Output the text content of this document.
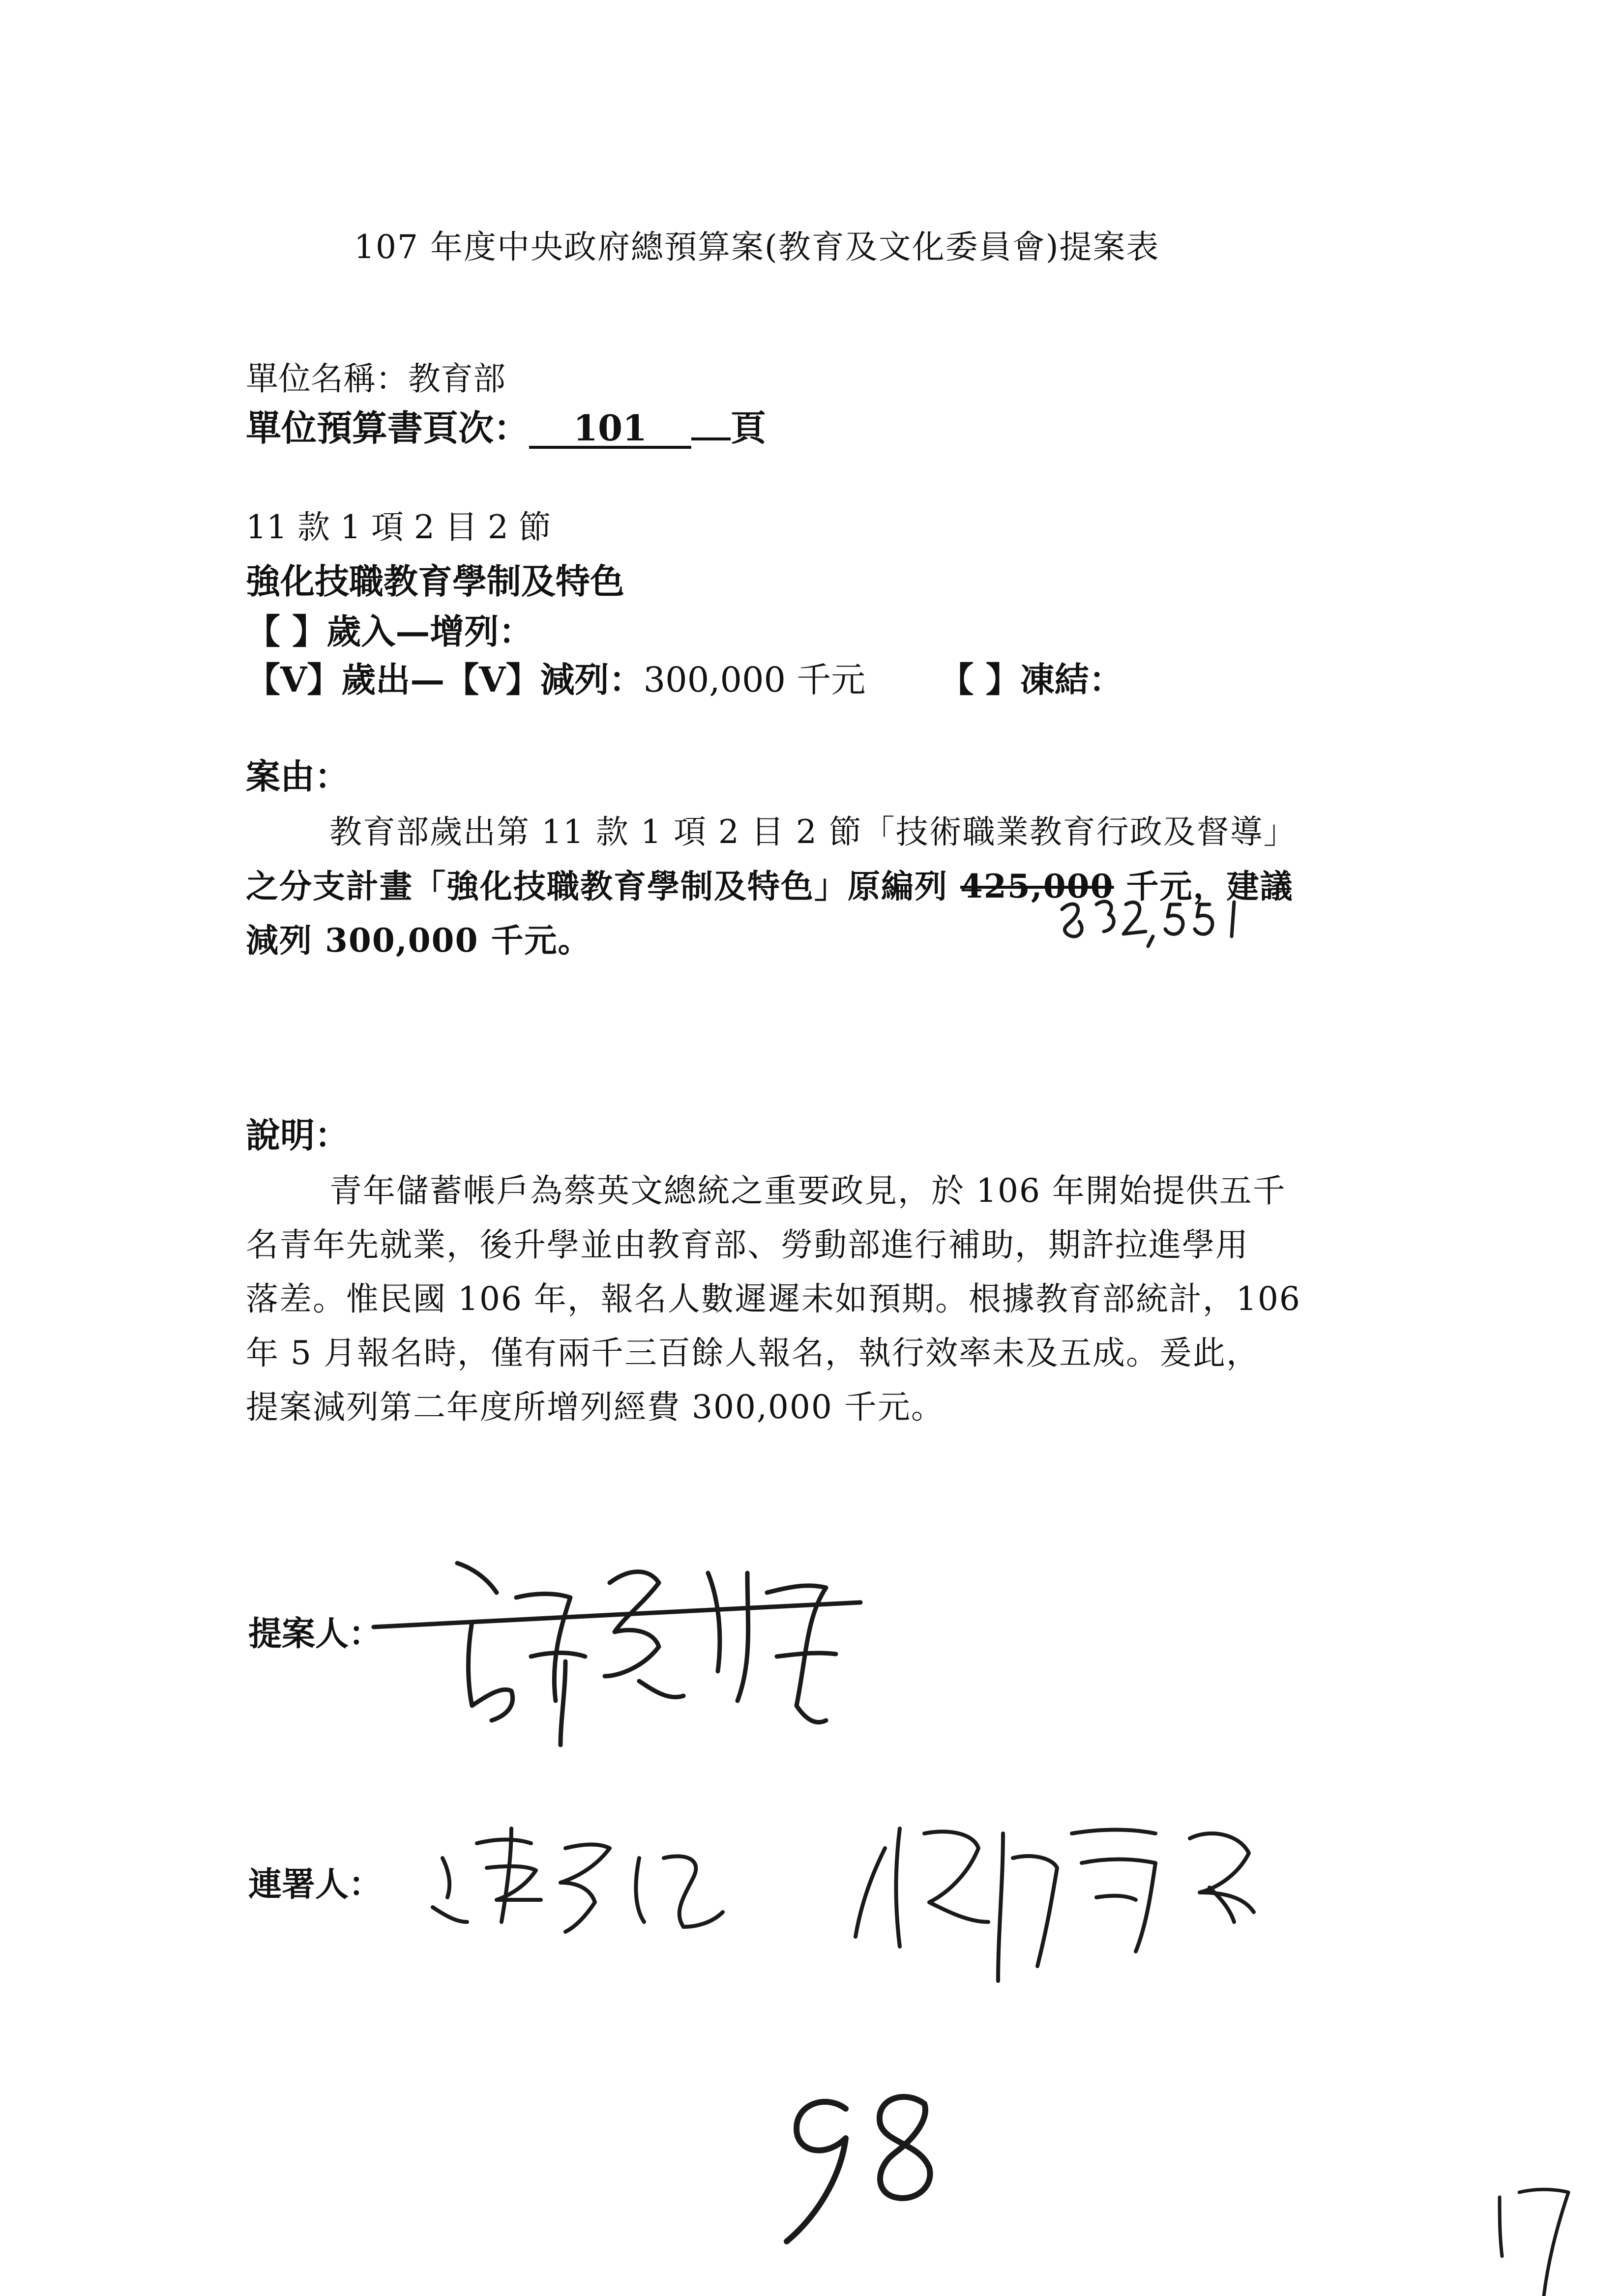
107 年度中央政府總預算案(教育及文化委員會)提案表
單位名稱：教育部
單位預算書頁次： 101 頁
11 款 1 項 2 目 2 節
強化技職教育學制及特色
【 】歲入—增列：
【V】歲出—【V】減列：300,000 千元 【 】凍結：
案由：
教育部歲出第 11 款 1 項 2 目 2 節「技術職業教育行政及督導」
之分支計畫「強化技職教育學制及特色」原編列 425,000 千元，建議
減列 300,000 千元。
說明：
青年儲蓄帳戶為蔡英文總統之重要政見，於 106 年開始提供五千
名青年先就業，後升學並由教育部、勞動部進行補助，期許拉進學用
落差。惟民國 106 年，報名人數遲遲未如預期。根據教育部統計，106
年 5 月報名時，僅有兩千三百餘人報名，執行效率未及五成。爰此，
提案減列第二年度所增列經費 300,000 千元。
提案人：
連署人：
